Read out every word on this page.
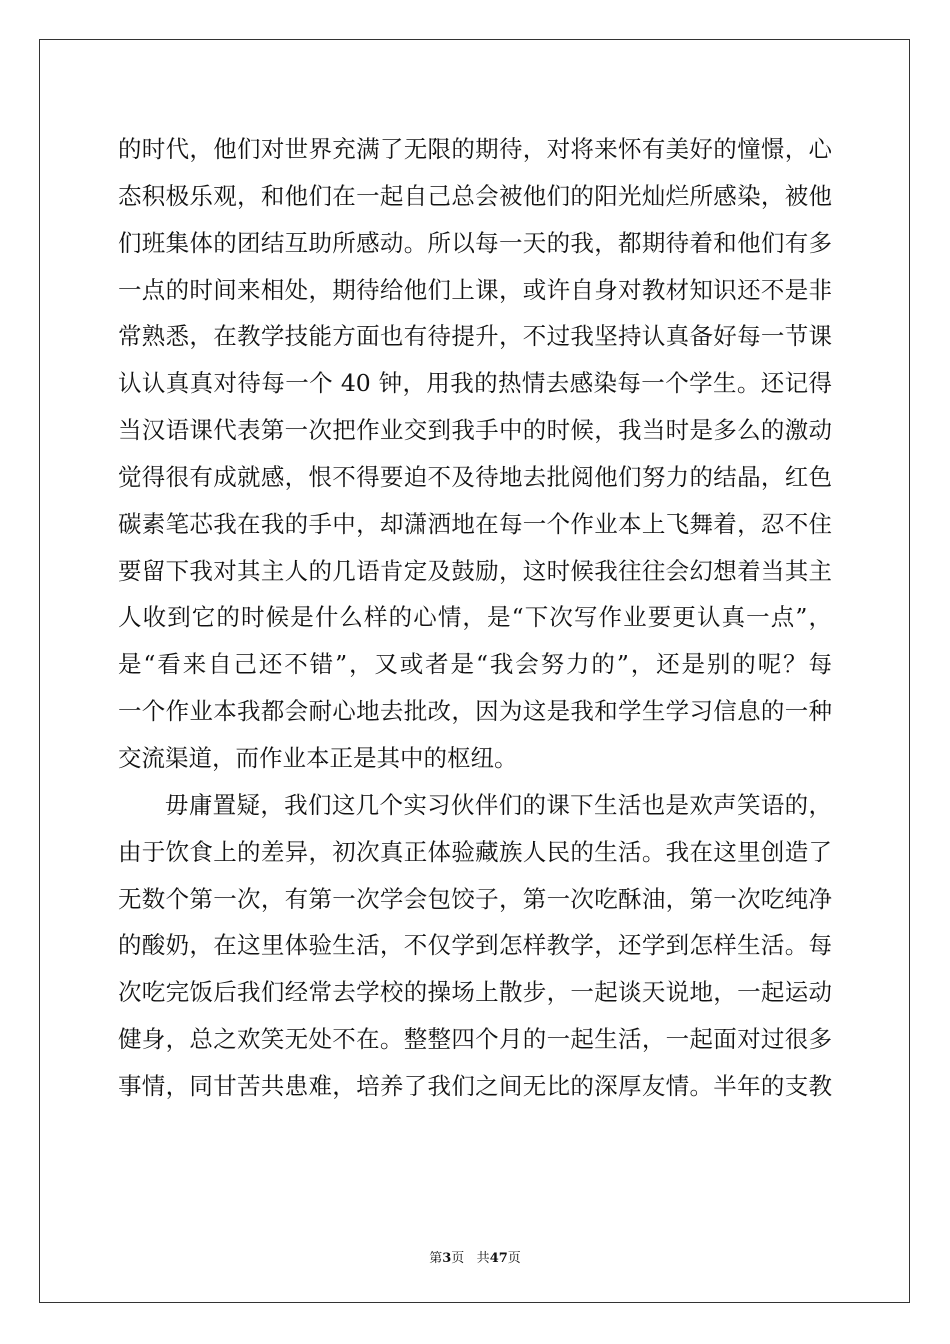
的时代，他们对世界充满了无限的期待，对将来怀有美好的憧憬，心
态积极乐观，和他们在一起自己总会被他们的阳光灿烂所感染，被他
们班集体的团结互助所感动。所以每一天的我，都期待着和他们有多
一点的时间来相处，期待给他们上课，或许自身对教材知识还不是非
常熟悉，在教学技能方面也有待提升，不过我坚持认真备好每一节课
认认真真对待每一个 40 钟，用我的热情去感染每一个学生。还记得
当汉语课代表第一次把作业交到我手中的时候，我当时是多么的激动
觉得很有成就感，恨不得要迫不及待地去批阅他们努力的结晶，红色
碳素笔芯我在我的手中，却潇洒地在每一个作业本上飞舞着，忍不住
要留下我对其主人的几语肯定及鼓励，这时候我往往会幻想着当其主
人收到它的时候是什么样的心情，是“下次写作业要更认真一点”，
是“看来自己还不错”，又或者是“我会努力的”，还是别的呢？每
一个作业本我都会耐心地去批改，因为这是我和学生学习信息的一种
交流渠道，而作业本正是其中的枢纽。
毋庸置疑，我们这几个实习伙伴们的课下生活也是欢声笑语的，
由于饮食上的差异，初次真正体验藏族人民的生活。我在这里创造了
无数个第一次，有第一次学会包饺子，第一次吃酥油，第一次吃纯净
的酸奶，在这里体验生活，不仅学到怎样教学，还学到怎样生活。每
次吃完饭后我们经常去学校的操场上散步，一起谈天说地，一起运动
健身，总之欢笑无处不在。整整四个月的一起生活，一起面对过很多
事情，同甘苦共患难，培养了我们之间无比的深厚友情。半年的支教
第3页 共47页
